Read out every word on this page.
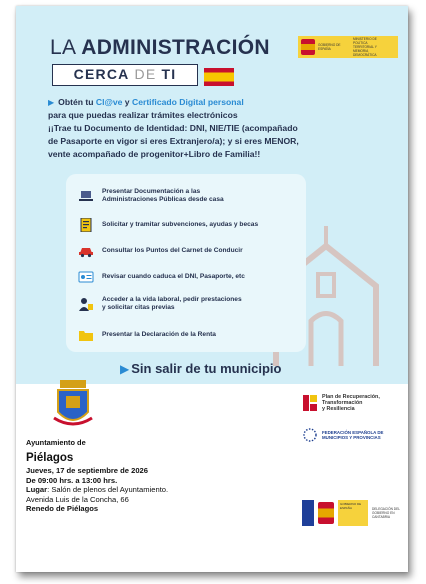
LA ADMINISTRACIÓN
CERCA DE TI
GOBIERNO DE ESPAÑA
MINISTERIO DE POLÍTICA TERRITORIAL Y MEMORIA DEMOCRÁTICA
▶ Obtén tu Cl@ve y Certificado Digital personal
para que puedas realizar trámites electrónicos
¡¡Trae tu Documento de Identidad: DNI, NIE/TIE (acompañado
de Pasaporte en vigor si eres Extranjero/a); y si eres MENOR,
vente acompañado de progenitor+Libro de Familia!!
Presentar Documentación a las
Administraciones Públicas desde casa
Solicitar y tramitar subvenciones, ayudas y becas
Consultar los Puntos del Carnet de Conducir
Revisar cuando caduca el DNI, Pasaporte, etc
Acceder a la vida laboral, pedir prestaciones
y solicitar citas previas
Presentar la Declaración de la Renta
▶ Sin salir de tu municipio
Ayuntamiento de
Piélagos
Jueves, 17 de septiembre de 2026
De 09:00 hrs. a 13:00 hrs.
Lugar: Salón de plenos del Ayuntamiento.
Avenida Luis de la Concha, 66
Renedo de Piélagos
Plan de Recuperación,
Transformación
y Resiliencia
FEDERACIÓN ESPAÑOLA DE
MUNICIPIOS Y PROVINCIAS
GOBIERNO DE ESPAÑA	DELEGACIÓN DEL GOBIERNO EN CANTABRIA
